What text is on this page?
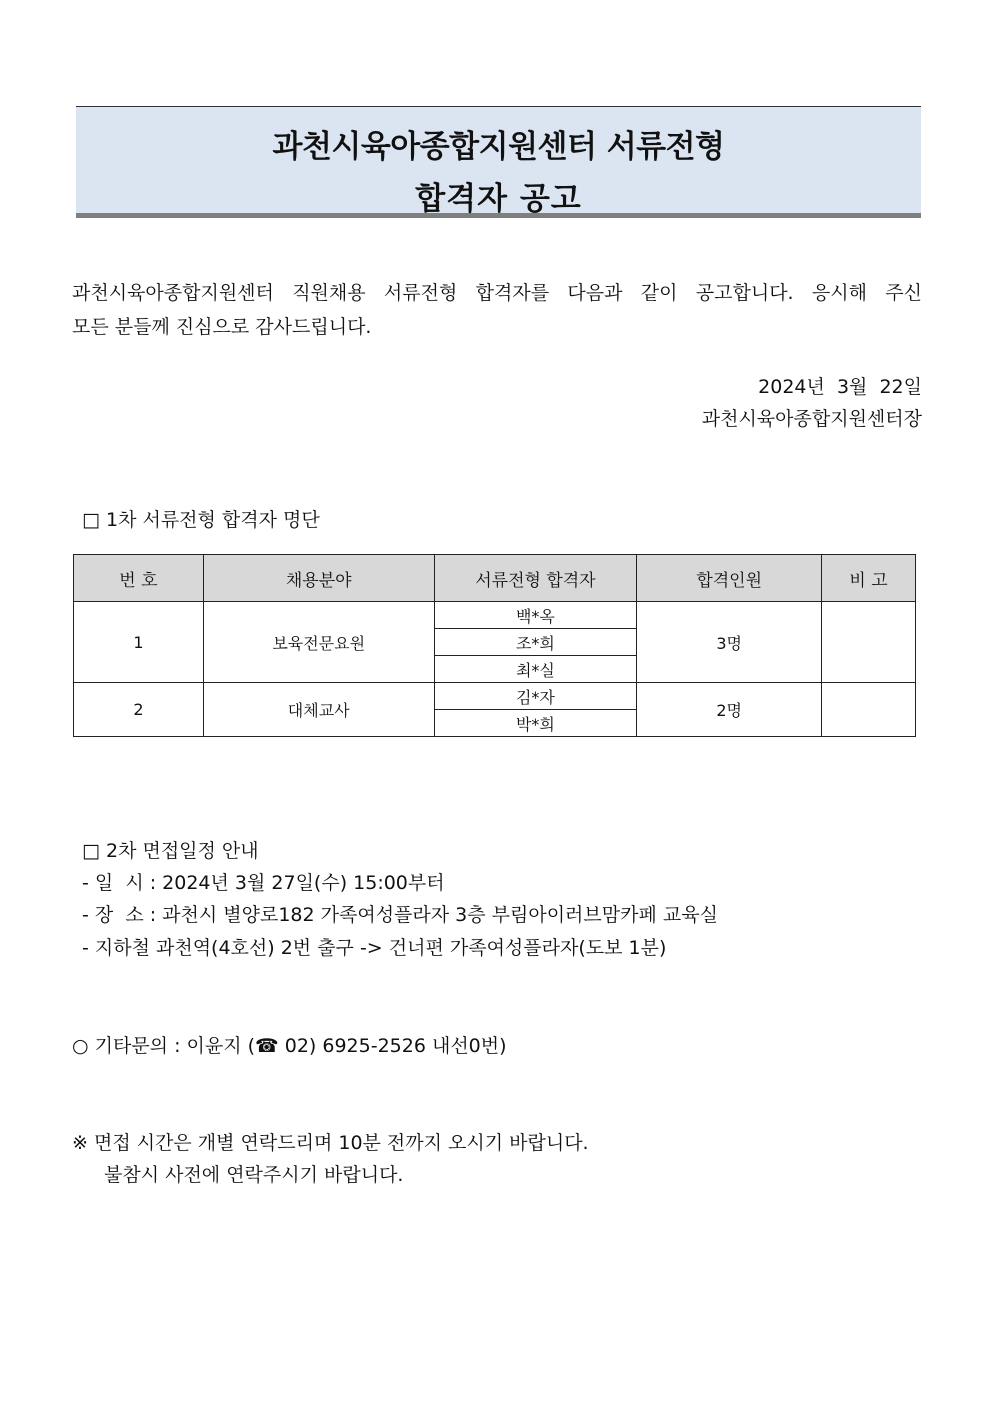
과천시육아종합지원센터 서류전형
합격자 공고
과천시육아종합지원센터 직원채용 서류전형 합격자를 다음과 같이 공고합니다. 응시해 주신
모든 분들께 진심으로 감사드립니다.
2024년  3월  22일
과천시육아종합지원센터장
□ 1차 서류전형 합격자 명단
번 호	채용분야	서류전형 합격자	합격인원	비 고
1	보육전문요원	백*옥	3명	
		조*희		
		최*실		
2	대체교사	김*자	2명	
		박*희		
□ 2차 면접일정 안내
- 일  시 : 2024년 3월 27일(수) 15:00부터
- 장  소 : 과천시 별양로182 가족여성플라자 3층 부림아이러브맘카페 교육실
- 지하철 과천역(4호선) 2번 출구 -> 건너편 가족여성플라자(도보 1분)
○ 기타문의 : 이윤지 (☎ 02) 6925-2526 내선0번)
※ 면접 시간은 개별 연락드리며 10분 전까지 오시기 바랍니다.
불참시 사전에 연락주시기 바랍니다.
